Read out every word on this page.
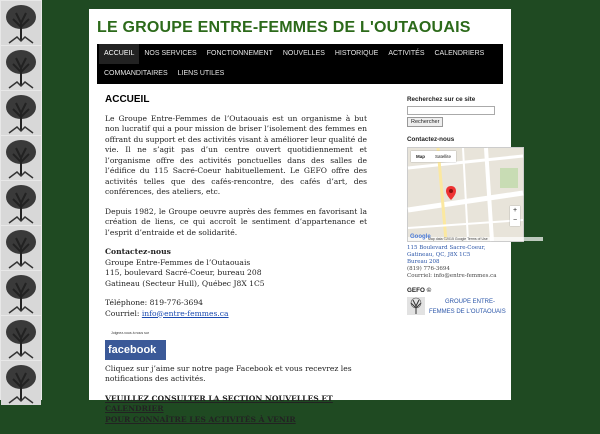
LE GROUPE ENTRE-FEMMES DE L'OUTAOUAIS
ACCUEIL	NOS SERVICES	FONCTIONNEMENT	NOUVELLES	HISTORIQUE	ACTIVITÉS	CALENDRIERS
COMMANDITAIRES	LIENS UTILES
ACCUEIL

Le Groupe Entre-Femmes de l’Outaouais est un organisme à but non lucratif qui a pour mission de briser l’isolement des femmes en offrant du support et des activités visant à améliorer leur qualité de vie. Il ne s’agit pas d’un centre ouvert quotidiennement et l’organisme offre des activités ponctuelles dans des salles de l’édifice du 115 Sacré-Coeur habituellement. Le GEFO offre des activités telles que des cafés-rencontre, des cafés d’art, des conférences, des ateliers, etc.

Depuis 1982, le Groupe oeuvre auprès des femmes en favorisant la création de liens, ce qui accroît le sentiment d’appartenance et l’esprit d’entraide et de solidarité.

Contactez-nous
Groupe Entre-Femmes de l’Outaouais
115, boulevard Sacré-Coeur, bureau 208
Gatineau (Secteur Hull), Québec J8X 1C5

Téléphone: 819-776-3694
Courriel: info@entre-femmes.ca

Joignez-vous à nous sur
facebook

Cliquez sur j’aime sur notre page Facebook et vous recevrez les notifications des activités.

VEUILLEZ CONSULTER LA SECTION NOUVELLES ET CALENDRIER
POUR CONNAÎTRE LES ACTIVITÉS À VENIR

Recherchez sur ce site
Rechercher
Contactez-nous
Map	Satellite
+
−
Map data ©2015 Google Terms of Use
Google
115 Boulevard Sacre-Coeur,
Gatineau, QC, J8X 1C5
Bureau 208
(819) 776-3694
Courriel: info@entre-femmes.ca
GEFO ©
GROUPE ENTRE-
FEMMES DE L'OUTAOUAIS
